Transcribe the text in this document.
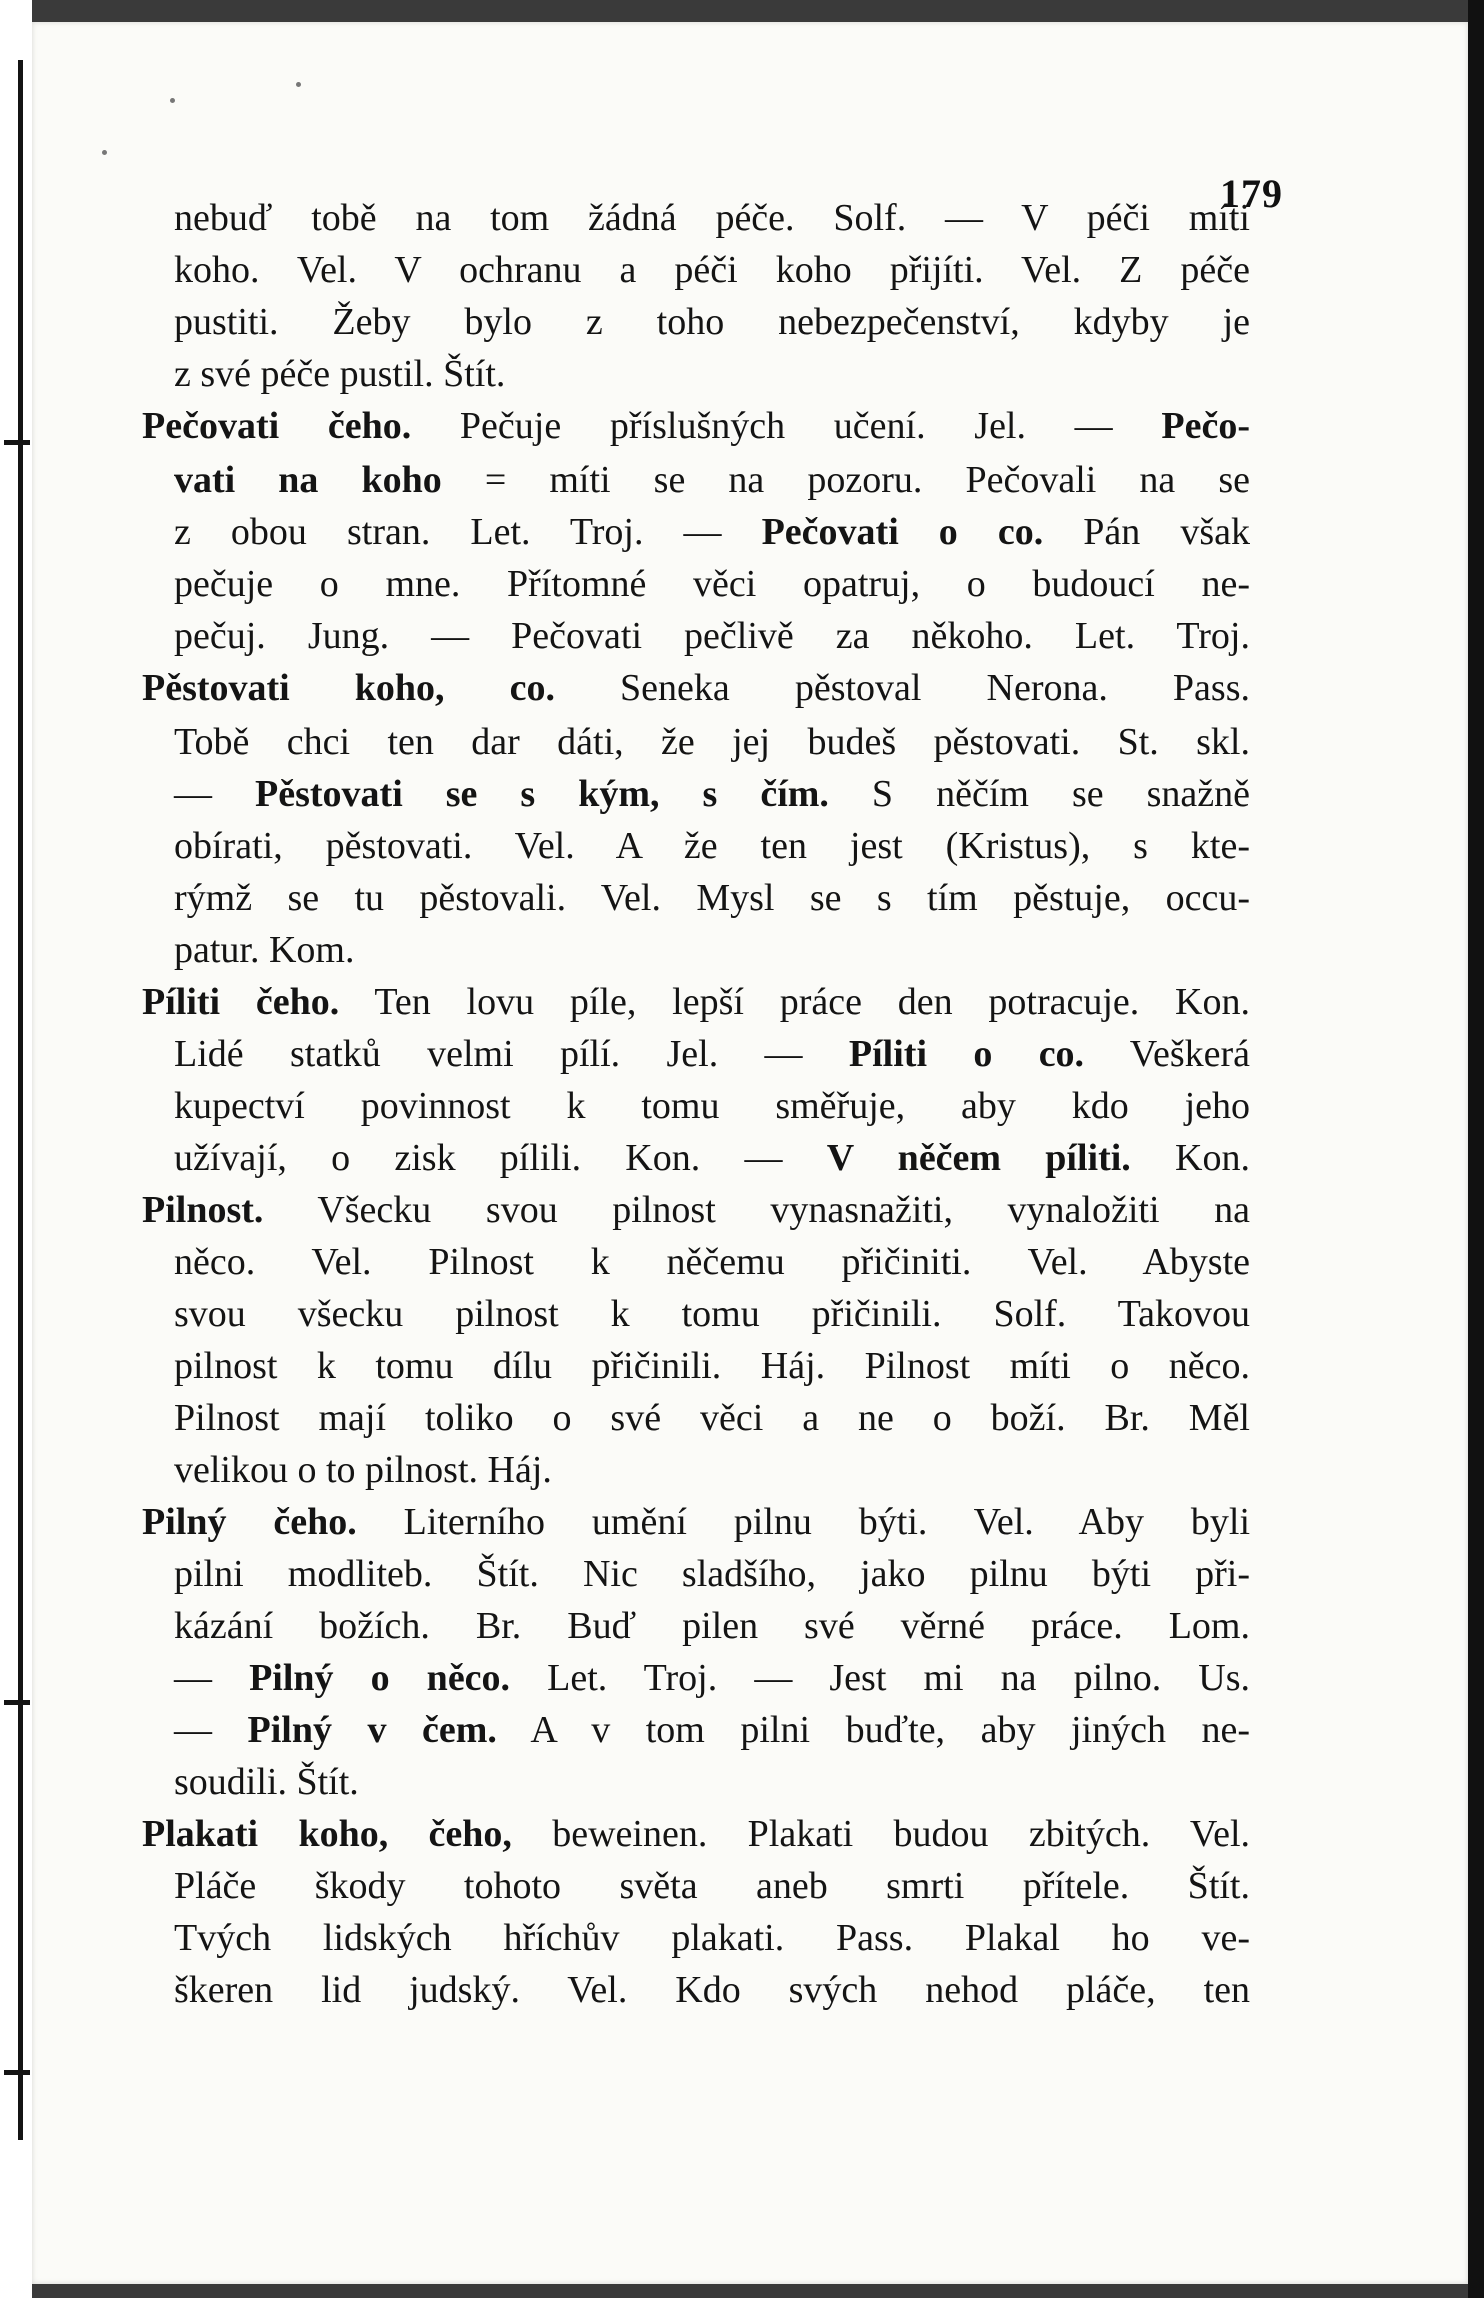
179
nebuď tobě na tom žádná péče. Solf. — V péči míti
koho. Vel. V ochranu a péči koho přijíti. Vel. Z péče
pustiti. Žeby bylo z toho nebezpečenství, kdyby je
z své péče pustil. Štít.
Pečovati čeho. Pečuje příslušných učení. Jel. — Pečo-
vati na koho = míti se na pozoru. Pečovali na se
z obou stran. Let. Troj. — Pečovati o co. Pán však
pečuje o mne. Přítomné věci opatruj, o budoucí ne-
pečuj. Jung. — Pečovati pečlivě za někoho. Let. Troj.
Pěstovati koho, co. Seneka pěstoval Nerona. Pass.
Tobě chci ten dar dáti, že jej budeš pěstovati. St. skl.
— Pěstovati se s kým, s čím. S něčím se snažně
obírati, pěstovati. Vel. A že ten jest (Kristus), s kte-
rýmž se tu pěstovali. Vel. Mysl se s tím pěstuje, occu-
patur. Kom.
Píliti čeho. Ten lovu píle, lepší práce den potracuje. Kon.
Lidé statků velmi pílí. Jel. — Píliti o co. Veškerá
kupectví povinnost k tomu směřuje, aby kdo jeho
užívají, o zisk pílili. Kon. — V něčem píliti. Kon.
Pilnost. Všecku svou pilnost vynasnažiti, vynaložiti na
něco. Vel. Pilnost k něčemu přičiniti. Vel. Abyste
svou všecku pilnost k tomu přičinili. Solf. Takovou
pilnost k tomu dílu přičinili. Háj. Pilnost míti o něco.
Pilnost mají toliko o své věci a ne o boží. Br. Měl
velikou o to pilnost. Háj.
Pilný čeho. Literního umění pilnu býti. Vel. Aby byli
pilni modliteb. Štít. Nic sladšího, jako pilnu býti při-
kázání božích. Br. Buď pilen své věrné práce. Lom.
— Pilný o něco. Let. Troj. — Jest mi na pilno. Us.
— Pilný v čem. A v tom pilni buďte, aby jiných ne-
soudili. Štít.
Plakati koho, čeho, beweinen. Plakati budou zbitých. Vel.
Pláče škody tohoto světa aneb smrti přítele. Štít.
Tvých lidských hříchův plakati. Pass. Plakal ho ve-
škeren lid judský. Vel. Kdo svých nehod pláče, ten
